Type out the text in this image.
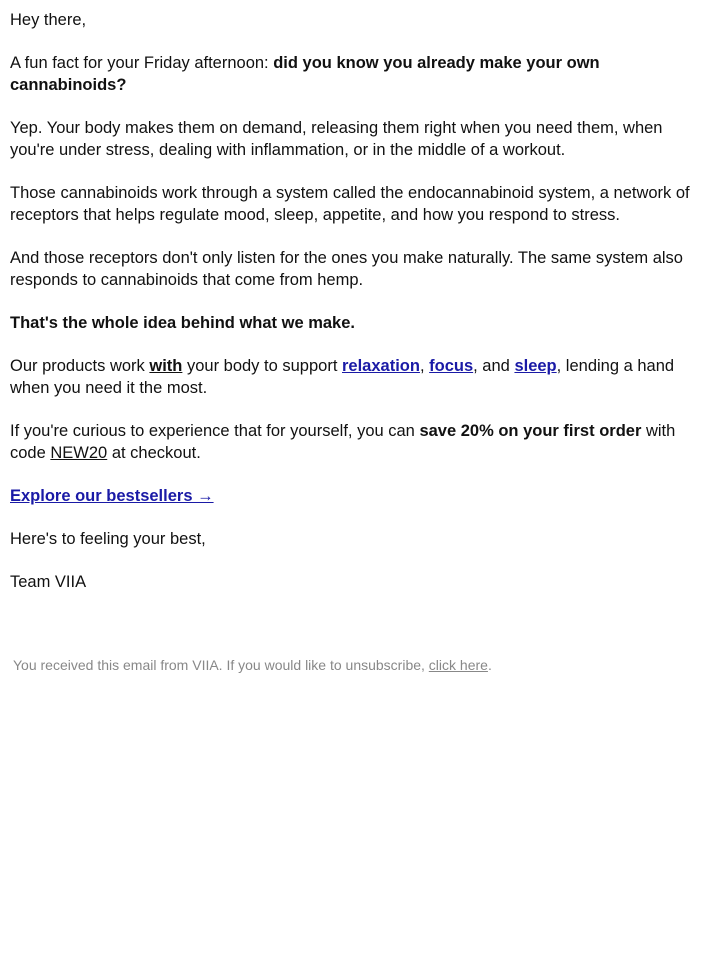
Hey there,

A fun fact for your Friday afternoon: did you know you already make your own cannabinoids?

Yep. Your body makes them on demand, releasing them right when you need them, when you're under stress, dealing with inflammation, or in the middle of a workout.

Those cannabinoids work through a system called the endocannabinoid system, a network of receptors that helps regulate mood, sleep, appetite, and how you respond to stress.

And those receptors don't only listen for the ones you make naturally. The same system also responds to cannabinoids that come from hemp.

That's the whole idea behind what we make.

Our products work with your body to support relaxation, focus, and sleep, lending a hand when you need it the most.

If you're curious to experience that for yourself, you can save 20% on your first order with code NEW20 at checkout.

Explore our bestsellers →

Here's to feeling your best,

Team VIIA

You received this email from VIIA. If you would like to unsubscribe, click here.
